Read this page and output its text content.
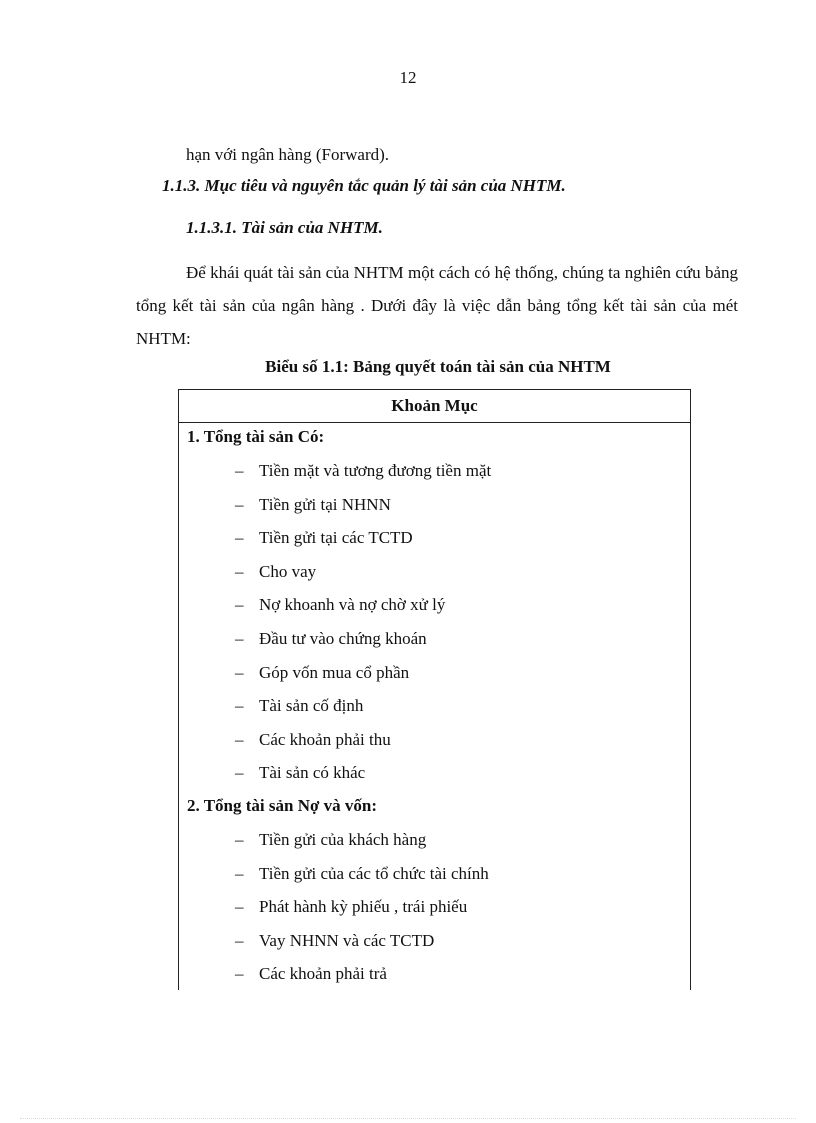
12
hạn với ngân hàng (Forward).
1.1.3. Mục tiêu và nguyên tắc quản lý tài sản của NHTM.
1.1.3.1. Tài sản của NHTM.
Để khái quát tài sản của NHTM một cách có hệ thống, chúng ta nghiên cứu bảng tổng kết tài sản của ngân hàng . Dưới đây là việc dẫn bảng tổng kết tài sản của mét NHTM:
Biểu số 1.1: Bảng quyết toán tài sản của NHTM
Khoản Mục
1. Tổng tài sản Có:
– Tiền mặt và tương đương tiền mặt
– Tiền gửi tại NHNN
– Tiền gửi tại các TCTD
– Cho vay
– Nợ khoanh và nợ chờ xử lý
– Đầu tư vào chứng khoán
– Góp vốn mua cổ phần
– Tài sản cố định
– Các khoản phải thu
– Tài sản có khác
2. Tổng tài sản Nợ và vốn:
– Tiền gửi của khách hàng
– Tiền gửi của các tổ chức tài chính
– Phát hành kỳ phiếu , trái phiếu
– Vay NHNN và các TCTD
– Các khoản phải trả
